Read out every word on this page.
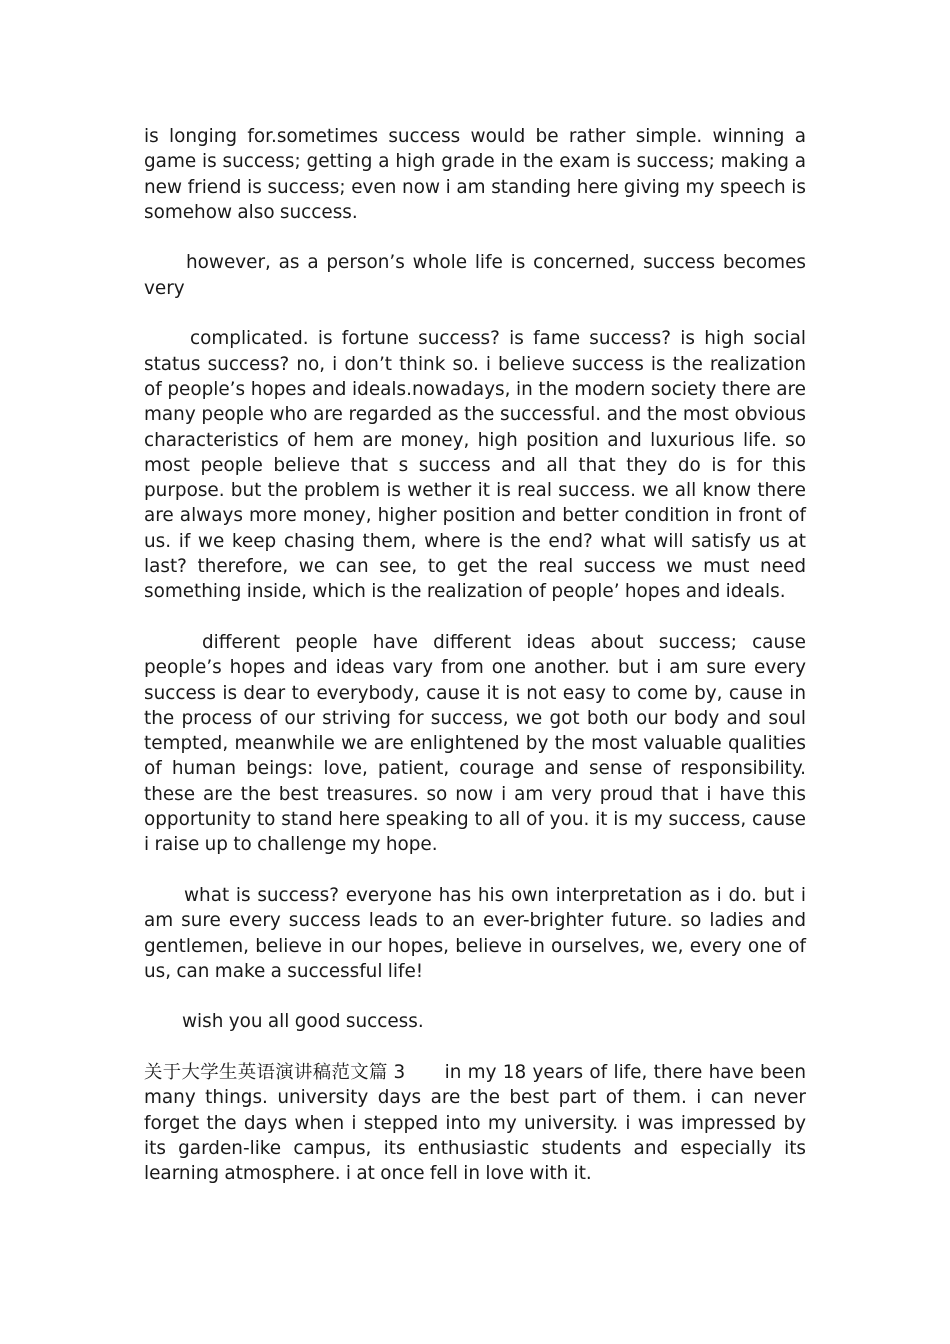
is longing for.sometimes success would be rather simple. winning a game is success; getting a high grade in the exam is success; making a new friend is success; even now i am standing here giving my speech is somehow also success.

however, as a person’s whole life is concerned, success becomes very

complicated. is fortune success? is fame success? is high social status success? no, i don’t think so. i believe success is the realization of people’s hopes and ideals.nowadays, in the modern society there are many people who are regarded as the successful. and the most obvious characteristics of hem are money, high position and luxurious life. so most people believe that s success and all that they do is for this purpose. but the problem is wether it is real success. we all know there are always more money, higher position and better condition in front of us. if we keep chasing them, where is the end? what will satisfy us at last? therefore, we can see, to get the real success we must need something inside, which is the realization of people’ hopes and ideals.

different people have different ideas about success; cause people’s hopes and ideas vary from one another. but i am sure every success is dear to everybody, cause it is not easy to come by, cause in the process of our striving for success, we got both our body and soul tempted, meanwhile we are enlightened by the most valuable qualities of human beings: love, patient, courage and sense of responsibility. these are the best treasures. so now i am very proud that i have this opportunity to stand here speaking to all of you. it is my success, cause i raise up to challenge my hope.

what is success? everyone has his own interpretation as i do. but i am sure every success leads to an ever-brighter future. so ladies and gentlemen, believe in our hopes, believe in ourselves, we, every one of us, can make a successful life!

wish you all good success.

关于大学生英语演讲稿范文篇 3 in my 18 years of life, there have been many things. university days are the best part of them. i can never forget the days when i stepped into my university. i was impressed by its garden-like campus, its enthusiastic students and especially its learning atmosphere. i at once fell in love with it.
